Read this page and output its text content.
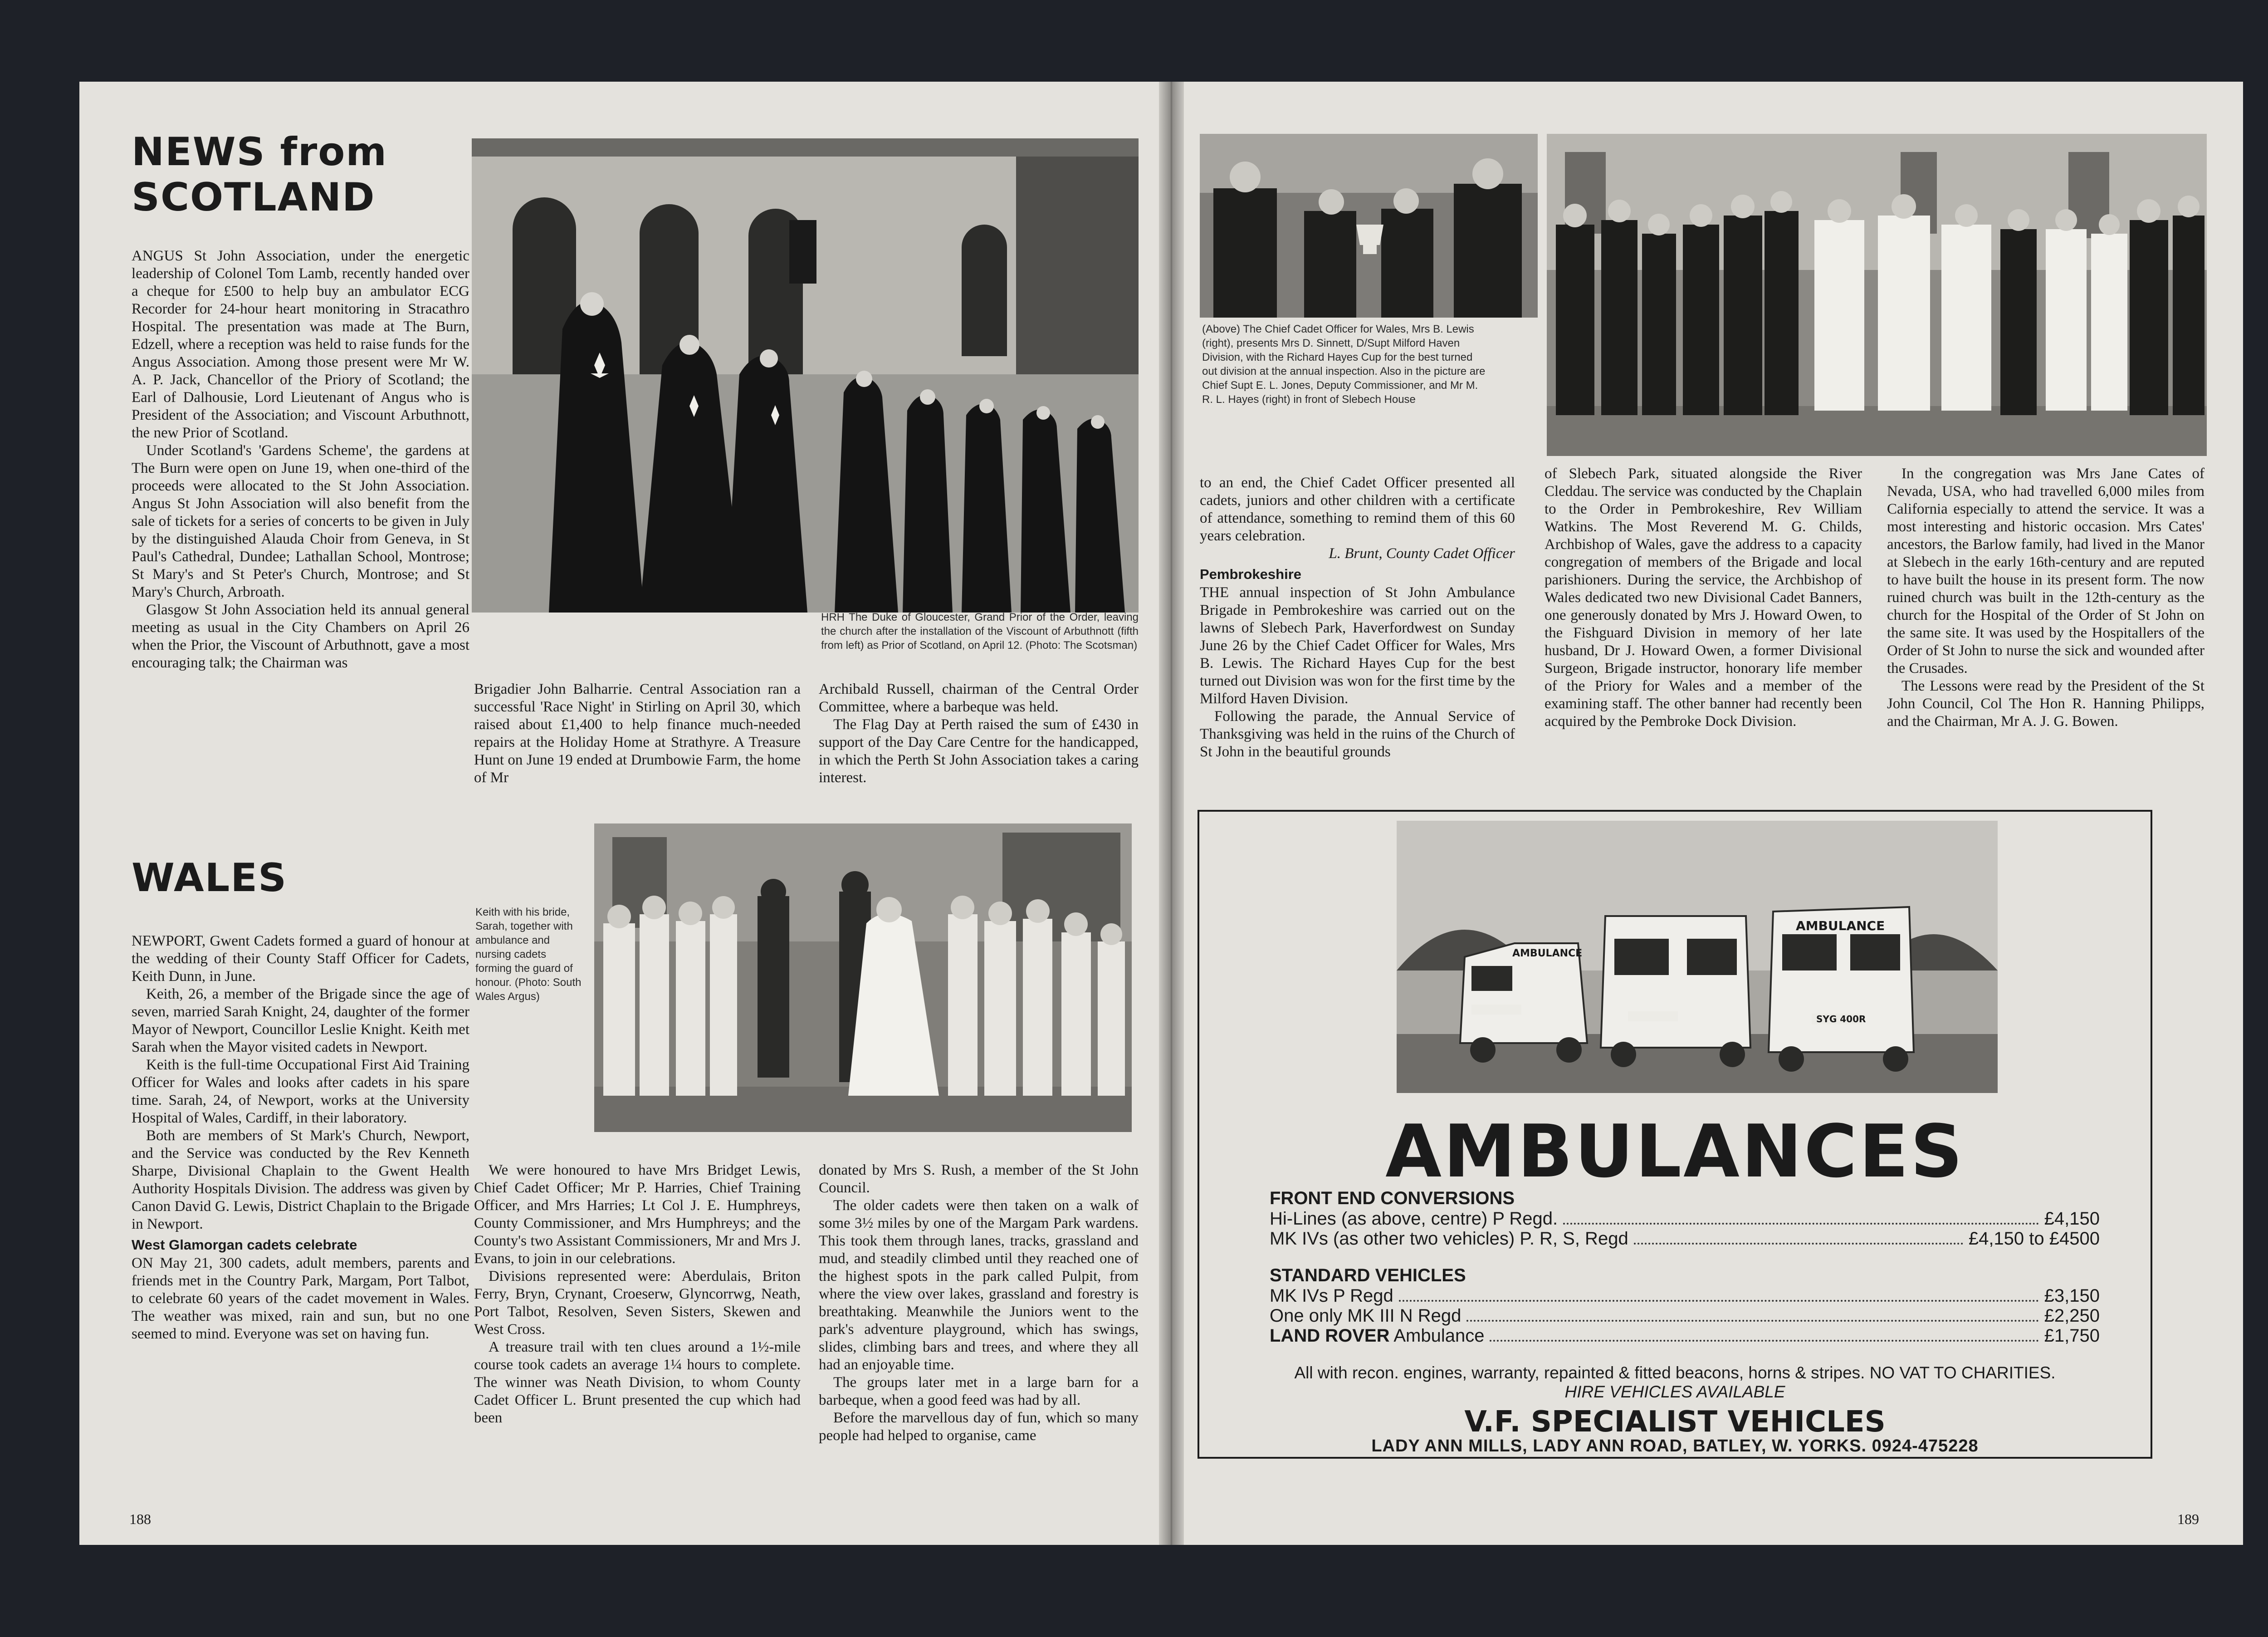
NEWS from
SCOTLAND

ANGUS St John Association, under the energetic leadership of Colonel Tom Lamb, recently handed over a cheque for £500 to help buy an ambulator ECG Recorder for 24-hour heart monitoring in Stracathro Hospital. The presentation was made at The Burn, Edzell, where a reception was held to raise funds for the Angus Association. Among those present were Mr W. A. P. Jack, Chancellor of the Priory of Scotland; the Earl of Dalhousie, Lord Lieutenant of Angus who is President of the Association; and Viscount Arbuthnott, the new Prior of Scotland.

Under Scotland's 'Gardens Scheme', the gardens at The Burn were open on June 19, when one-third of the proceeds were allocated to the St John Association. Angus St John Association will also benefit from the sale of tickets for a series of concerts to be given in July by the distinguished Alauda Choir from Geneva, in St Paul's Cathedral, Dundee; Lathallan School, Montrose; St Mary's and St Peter's Church, Montrose; and St Mary's Church, Arbroath.

Glasgow St John Association held its annual general meeting as usual in the City Chambers on April 26 when the Prior, the Viscount of Arbuthnott, gave a most encouraging talk; the Chairman was

HRH The Duke of Gloucester, Grand Prior of the Order, leaving the church after the installation of the Viscount of Arbuthnott (fifth from left) as Prior of Scotland, on April 12. (Photo: The Scotsman)

Brigadier John Balharrie. Central Association ran a successful 'Race Night' in Stirling on April 30, which raised about £1,400 to help finance much-needed repairs at the Holiday Home at Strathyre. A Treasure Hunt on June 19 ended at Drumbowie Farm, the home of Mr

Archibald Russell, chairman of the Central Order Committee, where a barbeque was held.

The Flag Day at Perth raised the sum of £430 in support of the Day Care Centre for the handicapped, in which the Perth St John Association takes a caring interest.

WALES

NEWPORT, Gwent Cadets formed a guard of honour at the wedding of their County Staff Officer for Cadets, Keith Dunn, in June.

Keith, 26, a member of the Brigade since the age of seven, married Sarah Knight, 24, daughter of the former Mayor of Newport, Councillor Leslie Knight. Keith met Sarah when the Mayor visited cadets in Newport.

Keith is the full-time Occupational First Aid Training Officer for Wales and looks after cadets in his spare time. Sarah, 24, of Newport, works at the University Hospital of Wales, Cardiff, in their laboratory.

Both are members of St Mark's Church, Newport, and the Service was conducted by the Rev Kenneth Sharpe, Divisional Chaplain to the Gwent Health Authority Hospitals Division. The address was given by Canon David G. Lewis, District Chaplain to the Brigade in Newport.

West Glamorgan cadets celebrate

ON May 21, 300 cadets, adult members, parents and friends met in the Country Park, Margam, Port Talbot, to celebrate 60 years of the cadet movement in Wales. The weather was mixed, rain and sun, but no one seemed to mind. Everyone was set on having fun.

Keith with his bride, Sarah, together with ambulance and nursing cadets forming the guard of honour. (Photo: South Wales Argus)

We were honoured to have Mrs Bridget Lewis, Chief Cadet Officer; Mr P. Harries, Chief Training Officer, and Mrs Harries; Lt Col J. E. Humphreys, County Commissioner, and Mrs Humphreys; and the County's two Assistant Commissioners, Mr and Mrs J. Evans, to join in our celebrations.

Divisions represented were: Aberdulais, Briton Ferry, Bryn, Crynant, Croeserw, Glyncorrwg, Neath, Port Talbot, Resolven, Seven Sisters, Skewen and West Cross.

A treasure trail with ten clues around a 1½-mile course took cadets an average 1¼ hours to complete. The winner was Neath Division, to whom County Cadet Officer L. Brunt presented the cup which had been

donated by Mrs S. Rush, a member of the St John Council.

The older cadets were then taken on a walk of some 3½ miles by one of the Margam Park wardens. This took them through lanes, tracks, grassland and mud, and steadily climbed until they reached one of the highest spots in the park called Pulpit, from where the view over lakes, grassland and forestry is breathtaking. Meanwhile the Juniors went to the park's adventure playground, which has swings, slides, climbing bars and trees, and where they all had an enjoyable time.

The groups later met in a large barn for a barbeque, when a good feed was had by all.

Before the marvellous day of fun, which so many people had helped to organise, came

188

(Above) The Chief Cadet Officer for Wales, Mrs B. Lewis (right), presents Mrs D. Sinnett, D/Supt Milford Haven Division, with the Richard Hayes Cup for the best turned out division at the annual inspection. Also in the picture are Chief Supt E. L. Jones, Deputy Commissioner, and Mr M. R. L. Hayes (right) in front of Slebech House

to an end, the Chief Cadet Officer presented all cadets, juniors and other children with a certificate of attendance, something to remind them of this 60 years celebration.

L. Brunt, County Cadet Officer

Pembrokeshire

THE annual inspection of St John Ambulance Brigade in Pembrokeshire was carried out on the lawns of Slebech Park, Haverfordwest on Sunday June 26 by the Chief Cadet Officer for Wales, Mrs B. Lewis. The Richard Hayes Cup for the best turned out Division was won for the first time by the Milford Haven Division.

Following the parade, the Annual Service of Thanksgiving was held in the ruins of the Church of St John in the beautiful grounds

of Slebech Park, situated alongside the River Cleddau. The service was conducted by the Chaplain to the Order in Pembrokeshire, Rev William Watkins. The Most Reverend M. G. Childs, Archbishop of Wales, gave the address to a capacity congregation of members of the Brigade and local parishioners. During the service, the Archbishop of Wales dedicated two new Divisional Cadet Banners, one generously donated by Mrs J. Howard Owen, to the Fishguard Division in memory of her late husband, Dr J. Howard Owen, a former Divisional Surgeon, Brigade instructor, honorary life member of the Priory for Wales and a member of the examining staff. The other banner had recently been acquired by the Pembroke Dock Division.

In the congregation was Mrs Jane Cates of Nevada, USA, who had travelled 6,000 miles from California especially to attend the service. It was a most interesting and historic occasion. Mrs Cates' ancestors, the Barlow family, had lived in the Manor at Slebech in the early 16th-century and are reputed to have built the house in its present form. The now ruined church was built in the 12th-century as the church for the Hospital of the Order of St John on the same site. It was used by the Hospitallers of the Order of St John to nurse the sick and wounded after the Crusades.

The Lessons were read by the President of the St John Council, Col The Hon R. Hanning Philipps, and the Chairman, Mr A. J. G. Bowen.

AMBULANCE
AMBULANCE
SYG 400R
AMBULANCES
FRONT END CONVERSIONS
Hi-Lines (as above, centre) P Regd.	£4,150
MK IVs (as other two vehicles) P. R, S, Regd	£4,150 to £4500
STANDARD VEHICLES
MK IVs P Regd	£3,150
One only MK III N Regd	£2,250
LAND ROVER Ambulance	£1,750
All with recon. engines, warranty, repainted & fitted beacons, horns & stripes. NO VAT TO CHARITIES.
HIRE VEHICLES AVAILABLE
V.F. SPECIALIST VEHICLES
LADY ANN MILLS, LADY ANN ROAD, BATLEY, W. YORKS. 0924-475228
189
